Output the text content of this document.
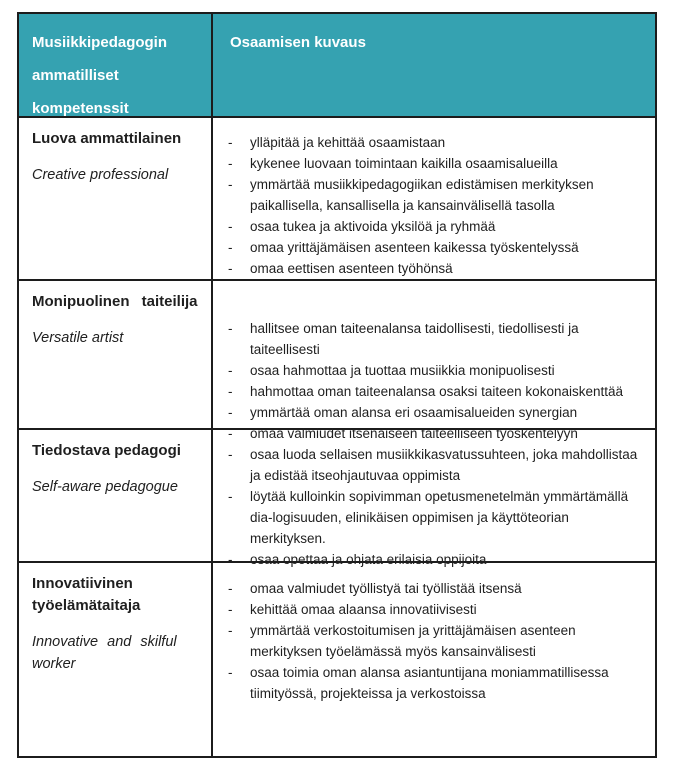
Musiikkipedagogin ammatilliset kompetenssit
Osaamisen kuvaus
Luova ammattilainen
Creative professional
-	ylläpitää ja kehittää osaamistaan
-	kykenee luovaan toimintaan kaikilla osaamisalueilla
-	ymmärtää musiikkipedagogiikan edistämisen merkityksen paikallisella, kansallisella ja kansainvälisellä tasolla
-	osaa tukea ja aktivoida yksilöä ja ryhmää
-	omaa yrittäjämäisen asenteen kaikessa työskentelyssä
-	omaa eettisen asenteen työhönsä
Monipuolinen taiteilija
Versatile artist
-	hallitsee oman taiteenalansa taidollisesti, tiedollisesti ja taiteellisesti
-	osaa hahmottaa ja tuottaa musiikkia monipuolisesti
-	hahmottaa oman taiteenalansa osaksi taiteen kokonaiskenttää
-	ymmärtää oman alansa eri osaamisalueiden synergian
-	omaa valmiudet itsenäiseen taiteelliseen työskentelyyn
Tiedostava pedagogi
Self-aware pedagogue
-	osaa luoda sellaisen musiikkikasvatussuhteen, joka mahdollistaa ja edistää itseohjautuvaa oppimista
-	löytää kulloinkin sopivimman opetusmenetelmän ymmärtämällä dia-logisuuden, elinikäisen oppimisen ja käyttöteorian merkityksen.
-	osaa opettaa ja ohjata erilaisia oppijoita
Innovatiivinen työelämätaitaja
Innovative and skilful worker
-	omaa valmiudet työllistyä tai työllistää itsensä
-	kehittää omaa alaansa innovatiivisesti
-	ymmärtää verkostoitumisen ja yrittäjämäisen asenteen merkityksen työelämässä myös kansainvälisesti
-	osaa toimia oman alansa asiantuntijana moniammatillisessa tiimityössä, projekteissa ja verkostoissa
